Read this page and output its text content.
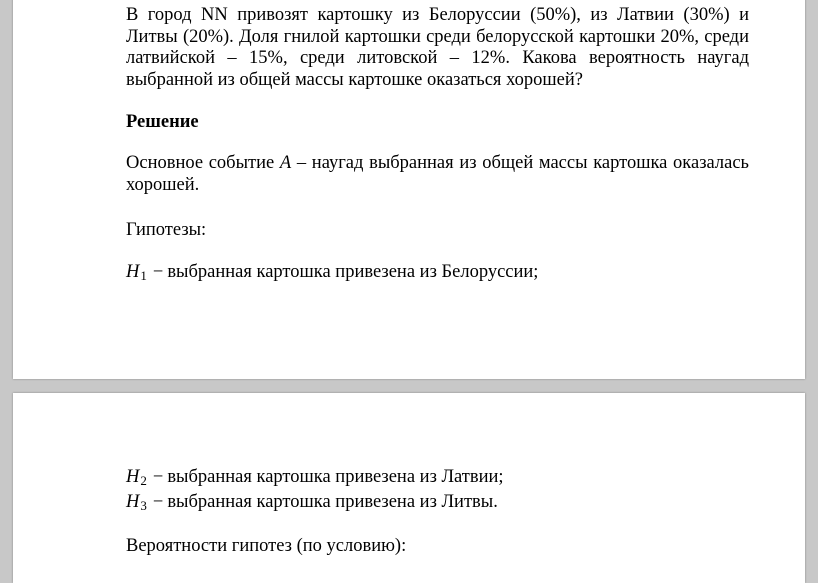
В город NN привозят картошку из Белоруссии (50%), из Латвии (30%) и Литвы (20%). Доля гнилой картошки среди белорусской картошки 20%, среди латвийской – 15%, среди литовской – 12%. Какова вероятность наугад выбранной из общей массы картошке оказаться хорошей?

Решение

Основное событие A – наугад выбранная из общей массы картошка оказалась хорошей.

Гипотезы:

H1 − выбранная картошка привезена из Белоруссии;

H2 − выбранная картошка привезена из Латвии;

H3 − выбранная картошка привезена из Литвы.

Вероятности гипотез (по условию):
